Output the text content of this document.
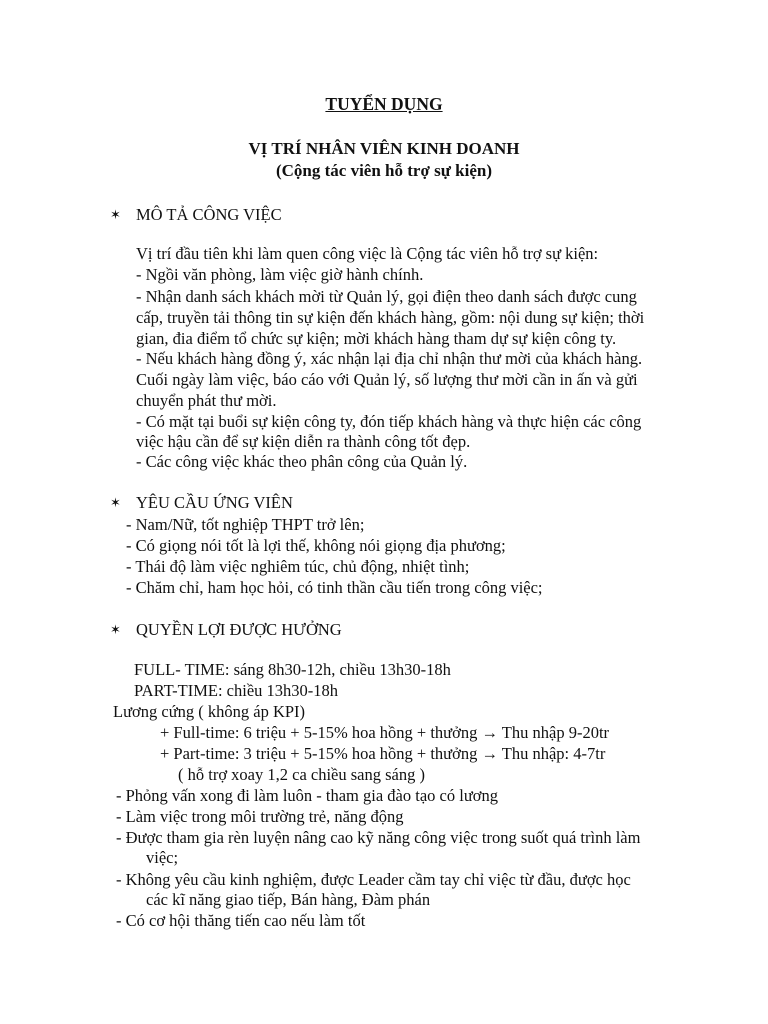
TUYỂN DỤNG
VỊ TRÍ NHÂN VIÊN KINH DOANH
(Cộng tác viên hỗ trợ sự kiện)
✶ MÔ TẢ CÔNG VIỆC
Vị trí đầu tiên khi làm quen công việc là Cộng tác viên hỗ trợ sự kiện:
- Ngồi văn phòng, làm việc giờ hành chính.
- Nhận danh sách khách mời từ Quản lý, gọi điện theo danh sách được cung
cấp, truyền tải thông tin sự kiện đến khách hàng, gồm: nội dung sự kiện; thời
gian, đia điểm tổ chức sự kiện; mời khách hàng tham dự sự kiện công ty.
- Nếu khách hàng đồng ý, xác nhận lại địa chỉ nhận thư mời của khách hàng.
Cuối ngày làm việc, báo cáo với Quản lý, số lượng thư mời cần in ấn và gửi
chuyển phát thư mời.
- Có mặt tại buổi sự kiện công ty, đón tiếp khách hàng và thực hiện các công
việc hậu cần để sự kiện diễn ra thành công tốt đẹp.
- Các công việc khác theo phân công của Quản lý.
✶ YÊU CẦU ỨNG VIÊN
- Nam/Nữ, tốt nghiệp THPT trở lên;
- Có giọng nói tốt là lợi thế, không nói giọng địa phương;
- Thái độ làm việc nghiêm túc, chủ động, nhiệt tình;
- Chăm chỉ, ham học hỏi, có tinh thần cầu tiến trong công việc;
✶ QUYỀN LỢI ĐƯỢC HƯỞNG
FULL- TIME: sáng 8h30-12h, chiều 13h30-18h
PART-TIME: chiều 13h30-18h
Lương cứng ( không áp KPI)
+ Full-time: 6 triệu + 5-15% hoa hồng + thưởng → Thu nhập 9-20tr
+ Part-time: 3 triệu + 5-15% hoa hồng + thưởng → Thu nhập: 4-7tr
( hỗ trợ xoay 1,2 ca chiều sang sáng )
- Phỏng vấn xong đi làm luôn - tham gia đào tạo có lương
- Làm việc trong môi trường trẻ, năng động
- Được tham gia rèn luyện nâng cao kỹ năng công việc trong suốt quá trình làm
việc;
- Không yêu cầu kinh nghiệm, được Leader cầm tay chỉ việc từ đầu, được học
các kĩ năng giao tiếp, Bán hàng, Đàm phán
- Có cơ hội thăng tiến cao nếu làm tốt
